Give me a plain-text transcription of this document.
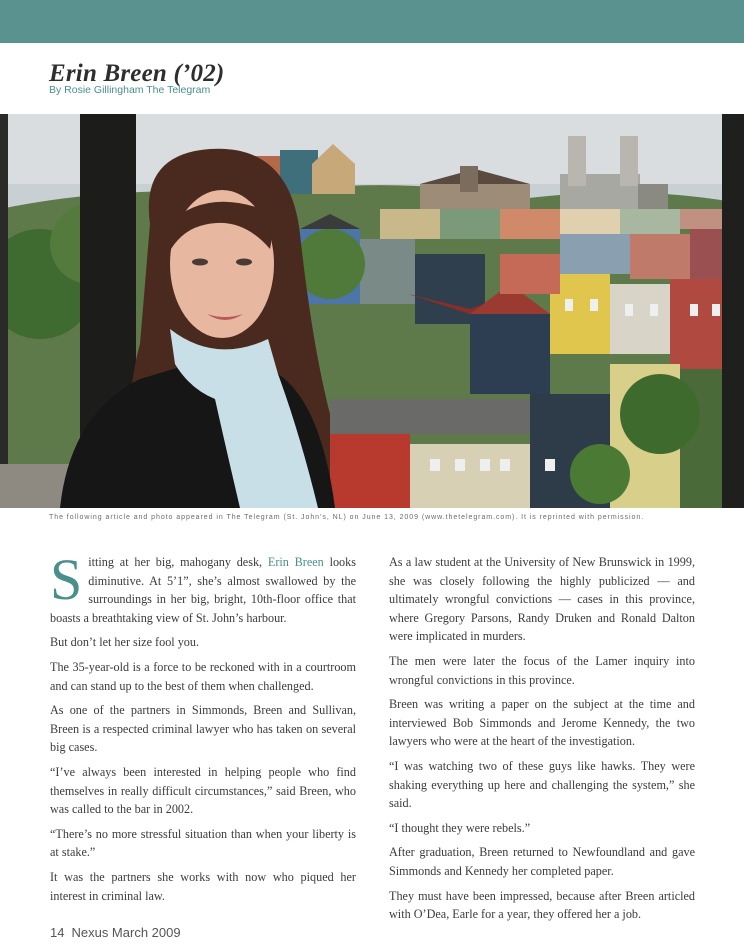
Erin Breen (’02)
By Rosie Gillingham The Telegram
The following article and photo appeared in The Telegram (St. John’s, NL) on June 13, 2009 (www.thetelegram.com). It is reprinted with permission.

Sitting at her big, mahogany desk, Erin Breen looks diminutive. At 5’1”, she’s almost swallowed by the surroundings in her big, bright, 10th-floor office that boasts a breathtaking view of St. John’s harbour.

But don’t let her size fool you.

The 35-year-old is a force to be reckoned with in a courtroom and can stand up to the best of them when challenged.

As one of the partners in Simmonds, Breen and Sullivan, Breen is a respected criminal lawyer who has taken on several big cases.

“I’ve always been interested in helping people who find themselves in really difficult circumstances,” said Breen, who was called to the bar in 2002.

“There’s no more stressful situation than when your liberty is at stake.”

It was the partners she works with now who piqued her interest in criminal law.

As a law student at the University of New Brunswick in 1999, she was closely following the highly publicized — and ultimately wrongful convictions — cases in this province, where Gregory Parsons, Randy Druken and Ronald Dalton were implicated in murders.

The men were later the focus of the Lamer inquiry into wrongful convictions in this province.

Breen was writing a paper on the subject at the time and interviewed Bob Simmonds and Jerome Kennedy, the two lawyers who were at the heart of the investigation.

“I was watching two of these guys like hawks. They were shaking everything up here and challenging the system,” she said.

“I thought they were rebels.”

After graduation, Breen returned to Newfoundland and gave Simmonds and Kennedy her completed paper.

They must have been impressed, because after Breen articled with O’Dea, Earle for a year, they offered her a job.

14 Nexus March 2009
